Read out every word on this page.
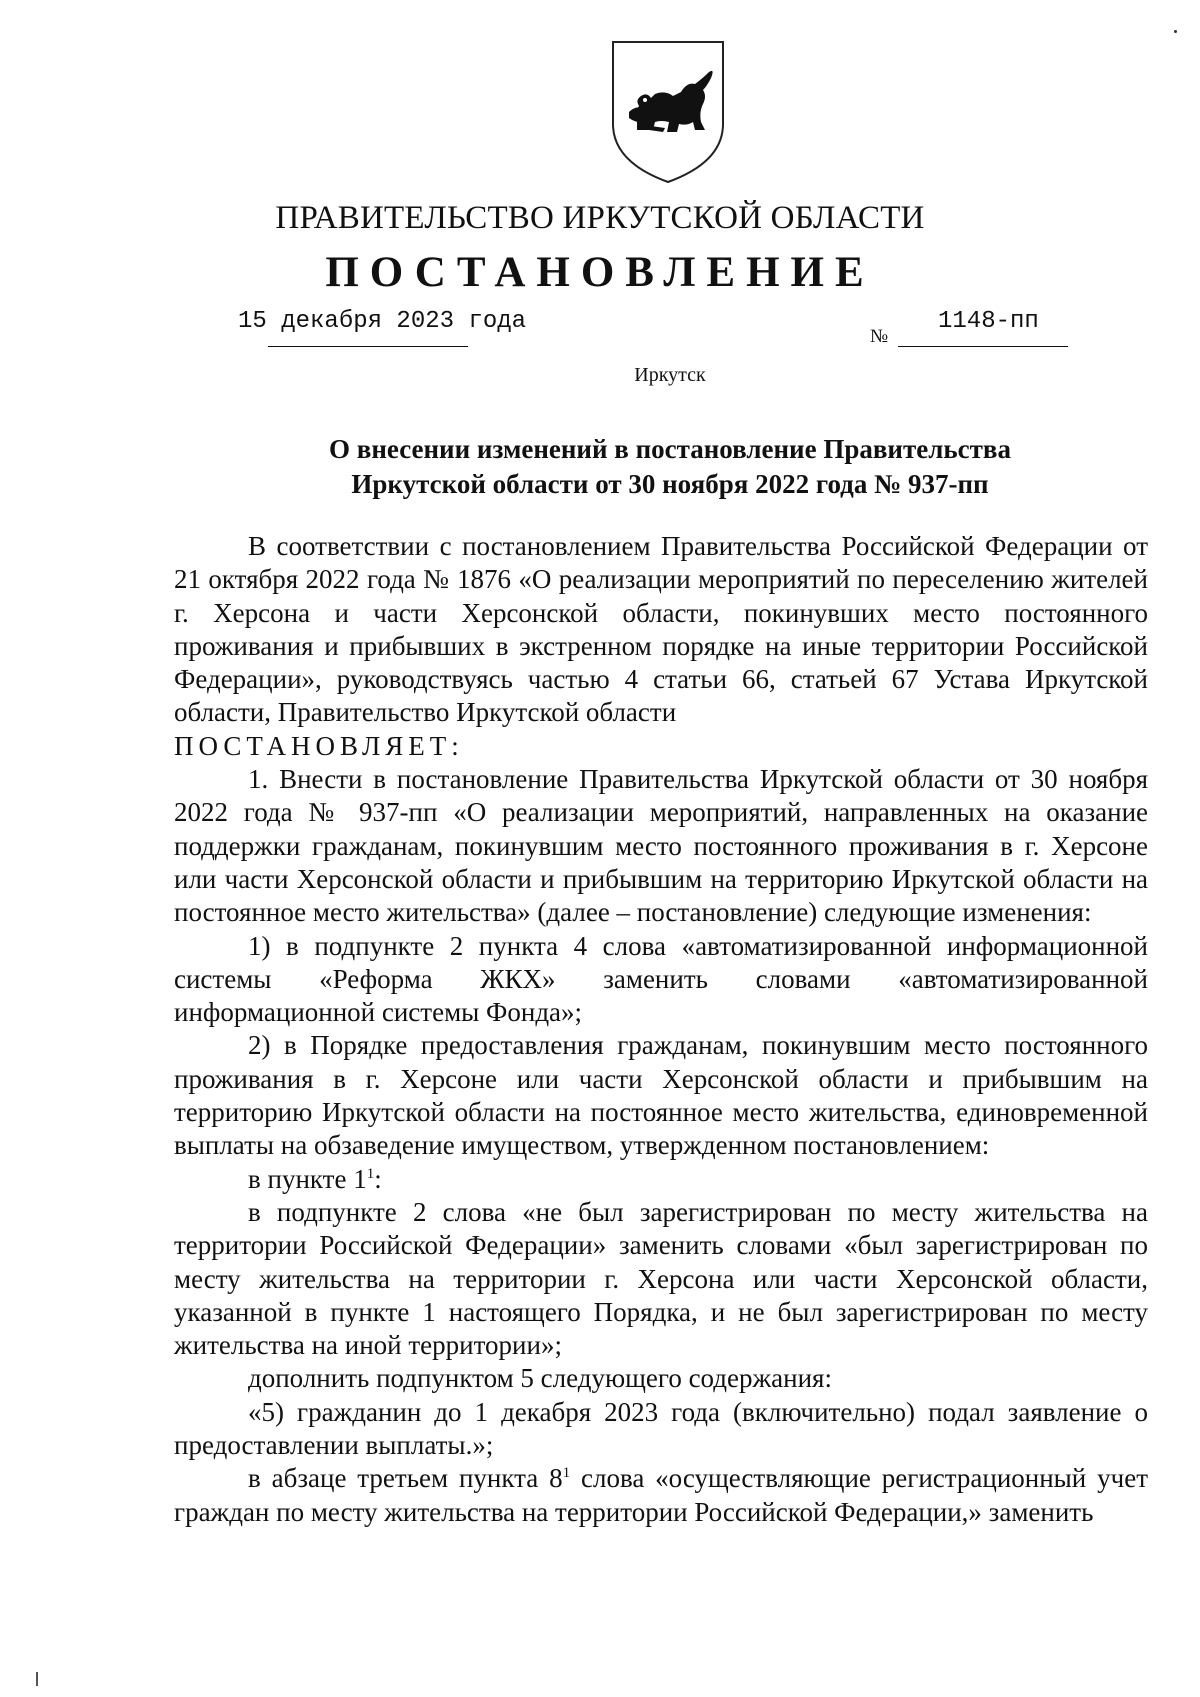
ПРАВИТЕЛЬСТВО ИРКУТСКОЙ ОБЛАСТИ
ПОСТАНОВЛЕНИЕ
15 декабря 2023 года
№
1148-пп
Иркутск
О внесении изменений в постановление Правительства
Иркутской области от 30 ноября 2022 года № 937-пп

В соответствии с постановлением Правительства Российской Федерации от 21 октября 2022 года № 1876 «О реализации мероприятий по переселению жителей г. Херсона и части Херсонской области, покинувших место постоянного проживания и прибывших в экстренном порядке на иные территории Российской Федерации», руководствуясь частью 4 статьи 66, статьей 67 Устава Иркутской области, Правительство Иркутской области

ПОСТАНОВЛЯЕТ:

1. Внести в постановление Правительства Иркутской области от 30 ноября 2022 года № 937-пп «О реализации мероприятий, направленных на оказание поддержки гражданам, покинувшим место постоянного проживания в г. Херсоне или части Херсонской области и прибывшим на территорию Иркутской области на постоянное место жительства» (далее – постановление) следующие изменения:

1) в подпункте 2 пункта 4 слова «автоматизированной информационной системы «Реформа ЖКХ» заменить словами «автоматизированной информационной системы Фонда»;

2) в Порядке предоставления гражданам, покинувшим место постоянного проживания в г. Херсоне или части Херсонской области и прибывшим на территорию Иркутской области на постоянное место жительства, единовременной выплаты на обзаведение имуществом, утвержденном постановлением:

в пункте $1^1$:

в подпункте 2 слова «не был зарегистрирован по месту жительства на территории Российской Федерации» заменить словами «был зарегистрирован по месту жительства на территории г. Херсона или части Херсонской области, указанной в пункте 1 настоящего Порядка, и не был зарегистрирован по месту жительства на иной территории»;

дополнить подпунктом 5 следующего содержания:

«5) гражданин до 1 декабря 2023 года (включительно) подал заявление о предоставлении выплаты.»;

в абзаце третьем пункта $8^1$ слова «осуществляющие регистрационный учет граждан по месту жительства на территории Российской Федерации,» заменить
